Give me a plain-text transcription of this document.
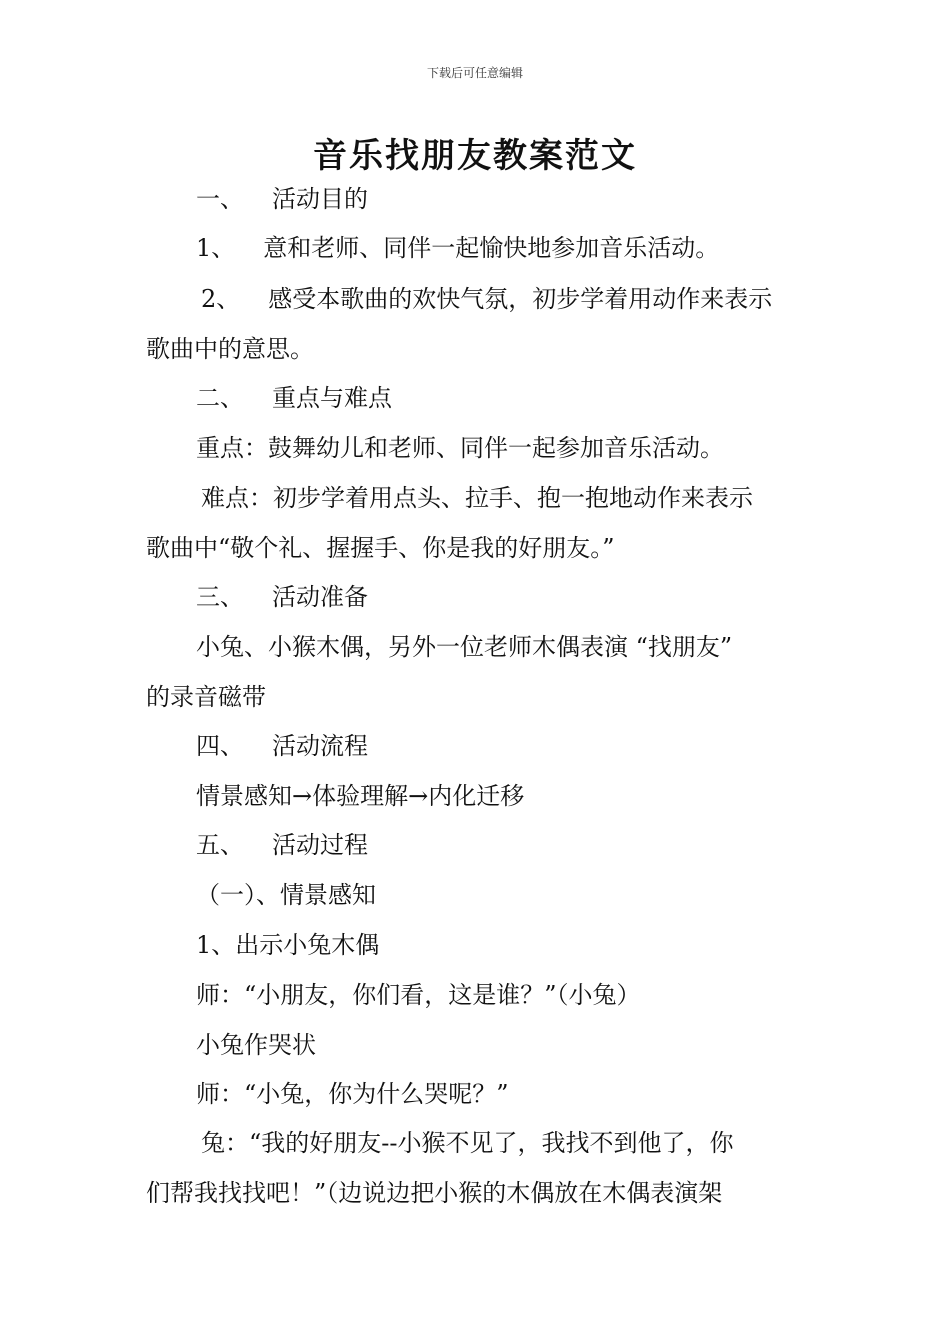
下载后可任意编辑
音乐找朋友教案范文
一、 活动目的
1、 意和老师、同伴一起愉快地参加音乐活动。
2、 感受本歌曲的欢快气氛，初步学着用动作来表示
歌曲中的意思。
二、 重点与难点
重点：鼓舞幼儿和老师、同伴一起参加音乐活动。
难点：初步学着用点头、拉手、抱一抱地动作来表示
歌曲中“敬个礼、握握手、你是我的好朋友。”
三、 活动准备
小兔、小猴木偶，另外一位老师木偶表演 “找朋友”
的录音磁带
四、 活动流程
情景感知→体验理解→内化迁移
五、 活动过程
（一）、情景感知
1、出示小兔木偶
师：“小朋友，你们看，这是谁？”（小兔）
小兔作哭状
师：“小兔，你为什么哭呢？”
兔：“我的好朋友--小猴不见了，我找不到他了，你
们帮我找找吧！”（边说边把小猴的木偶放在木偶表演架
